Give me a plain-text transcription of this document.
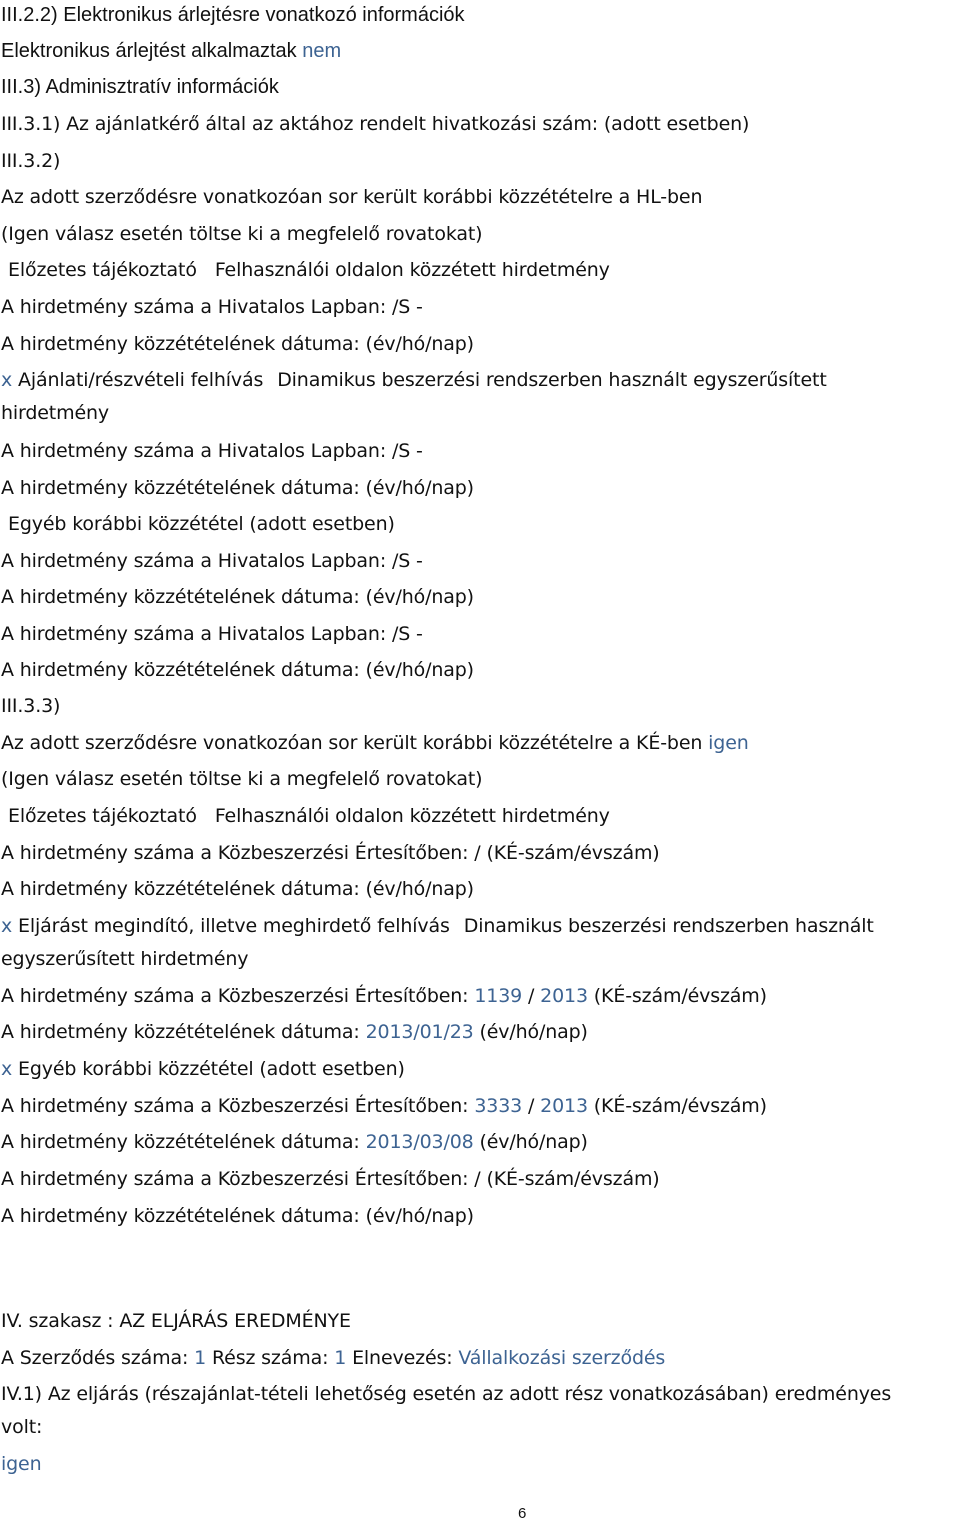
III.2.2) Elektronikus árlejtésre vonatkozó információk
Elektronikus árlejtést alkalmaztak nem
III.3) Adminisztratív információk
III.3.1) Az ajánlatkérő által az aktához rendelt hivatkozási szám: (adott esetben)
III.3.2)
Az adott szerződésre vonatkozóan sor került korábbi közzétételre a HL-ben
(Igen válasz esetén töltse ki a megfelelő rovatokat)
Előzetes tájékoztató Felhasználói oldalon közzétett hirdetmény
A hirdetmény száma a Hivatalos Lapban: /S -
A hirdetmény közzétételének dátuma: (év/hó/nap)
x Ajánlati/részvételi felhívás Dinamikus beszerzési rendszerben használt egyszerűsített
hirdetmény
A hirdetmény száma a Hivatalos Lapban: /S -
A hirdetmény közzétételének dátuma: (év/hó/nap)
Egyéb korábbi közzététel (adott esetben)
A hirdetmény száma a Hivatalos Lapban: /S -
A hirdetmény közzétételének dátuma: (év/hó/nap)
A hirdetmény száma a Hivatalos Lapban: /S -
A hirdetmény közzétételének dátuma: (év/hó/nap)
III.3.3)
Az adott szerződésre vonatkozóan sor került korábbi közzétételre a KÉ-ben igen
(Igen válasz esetén töltse ki a megfelelő rovatokat)
Előzetes tájékoztató Felhasználói oldalon közzétett hirdetmény
A hirdetmény száma a Közbeszerzési Értesítőben: / (KÉ-szám/évszám)
A hirdetmény közzétételének dátuma: (év/hó/nap)
x Eljárást megindító, illetve meghirdető felhívás Dinamikus beszerzési rendszerben használt
egyszerűsített hirdetmény
A hirdetmény száma a Közbeszerzési Értesítőben: 1139 / 2013 (KÉ-szám/évszám)
A hirdetmény közzétételének dátuma: 2013/01/23 (év/hó/nap)
x Egyéb korábbi közzététel (adott esetben)
A hirdetmény száma a Közbeszerzési Értesítőben: 3333 / 2013 (KÉ-szám/évszám)
A hirdetmény közzétételének dátuma: 2013/03/08 (év/hó/nap)
A hirdetmény száma a Közbeszerzési Értesítőben: / (KÉ-szám/évszám)
A hirdetmény közzétételének dátuma: (év/hó/nap)
IV. szakasz : AZ ELJÁRÁS EREDMÉNYE
A Szerződés száma: 1 Rész száma: 1 Elnevezés: Vállalkozási szerződés
IV.1) Az eljárás (részajánlat-tételi lehetőség esetén az adott rész vonatkozásában) eredményes
volt:
igen
6
